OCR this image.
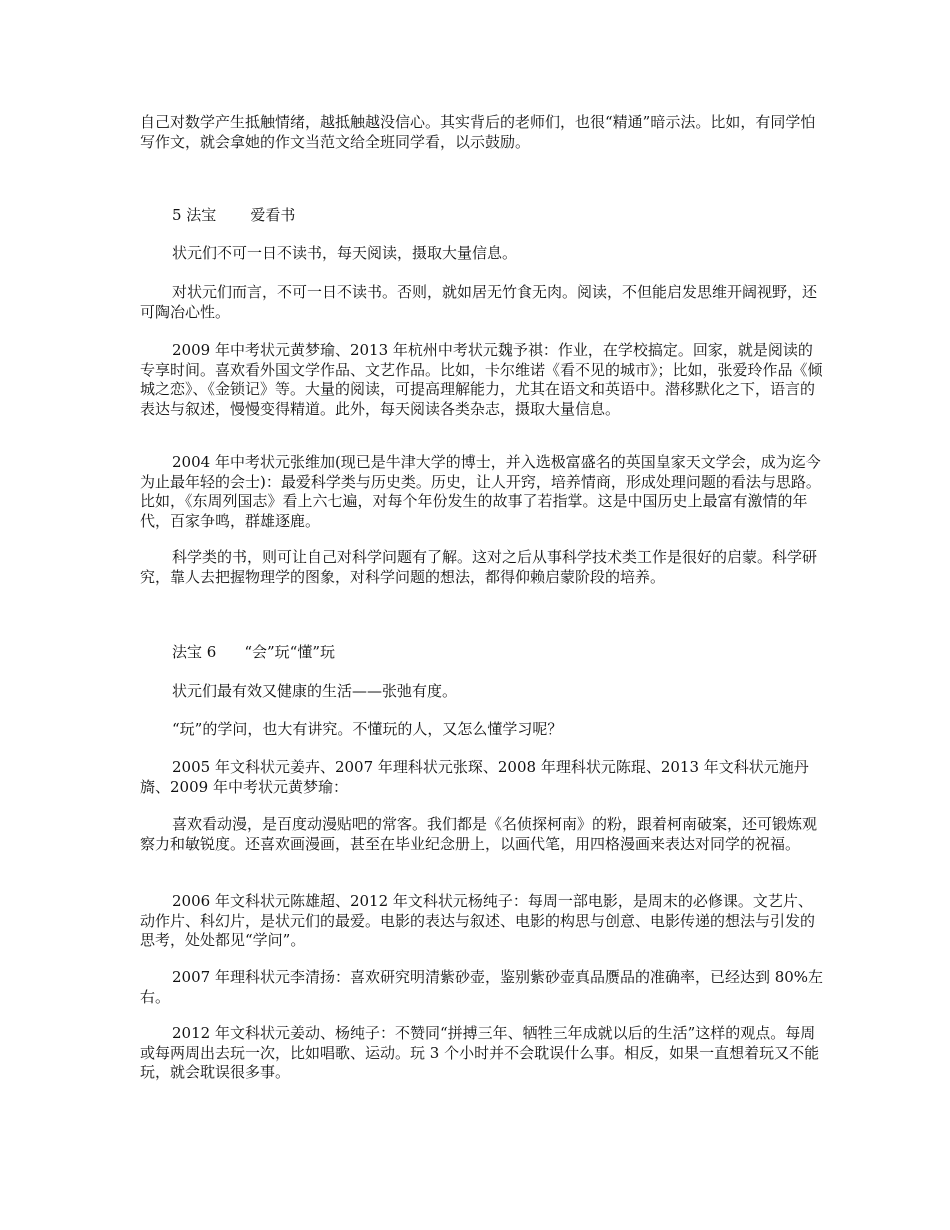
自己对数学产生抵触情绪，越抵触越没信心。其实背后的老师们，也很“精通”暗示法。比如，有同学怕写作文，就会拿她的作文当范文给全班同学看，以示鼓励。

5 法宝 爱看书

状元们不可一日不读书，每天阅读，摄取大量信息。

对状元们而言，不可一日不读书。否则，就如居无竹食无肉。阅读，不但能启发思维开阔视野，还可陶冶心性。

2009 年中考状元黄梦瑜、2013 年杭州中考状元魏予祺：作业，在学校搞定。回家，就是阅读的专享时间。喜欢看外国文学作品、文艺作品。比如，卡尔维诺《看不见的城市》；比如，张爱玲作品《倾城之恋》、《金锁记》等。大量的阅读，可提高理解能力，尤其在语文和英语中。潜移默化之下，语言的表达与叙述，慢慢变得精道。此外，每天阅读各类杂志，摄取大量信息。

2004 年中考状元张维加(现已是牛津大学的博士，并入选极富盛名的英国皇家天文学会，成为迄今为止最年轻的会士)：最爱科学类与历史类。历史，让人开窍，培养情商，形成处理问题的看法与思路。比如，《东周列国志》看上六七遍，对每个年份发生的故事了若指掌。这是中国历史上最富有激情的年代，百家争鸣，群雄逐鹿。

科学类的书，则可让自己对科学问题有了解。这对之后从事科学技术类工作是很好的启蒙。科学研究，靠人去把握物理学的图象，对科学问题的想法，都得仰赖启蒙阶段的培养。

法宝 6 “会”玩“懂”玩

状元们最有效又健康的生活——张弛有度。

“玩”的学问，也大有讲究。不懂玩的人，又怎么懂学习呢？

2005 年文科状元姜卉、2007 年理科状元张琛、2008 年理科状元陈琨、2013 年文科状元施丹旖、2009 年中考状元黄梦瑜：

喜欢看动漫，是百度动漫贴吧的常客。我们都是《名侦探柯南》的粉，跟着柯南破案，还可锻炼观察力和敏锐度。还喜欢画漫画，甚至在毕业纪念册上，以画代笔，用四格漫画来表达对同学的祝福。

2006 年文科状元陈雄超、2012 年文科状元杨纯子：每周一部电影，是周末的必修课。文艺片、动作片、科幻片，是状元们的最爱。电影的表达与叙述、电影的构思与创意、电影传递的想法与引发的思考，处处都见“学问”。

2007 年理科状元李清扬：喜欢研究明清紫砂壶，鉴别紫砂壶真品赝品的准确率，已经达到 80%左右。

2012 年文科状元姜动、杨纯子：不赞同“拼搏三年、牺牲三年成就以后的生活”这样的观点。每周或每两周出去玩一次，比如唱歌、运动。玩 3 个小时并不会耽误什么事。相反，如果一直想着玩又不能玩，就会耽误很多事。
